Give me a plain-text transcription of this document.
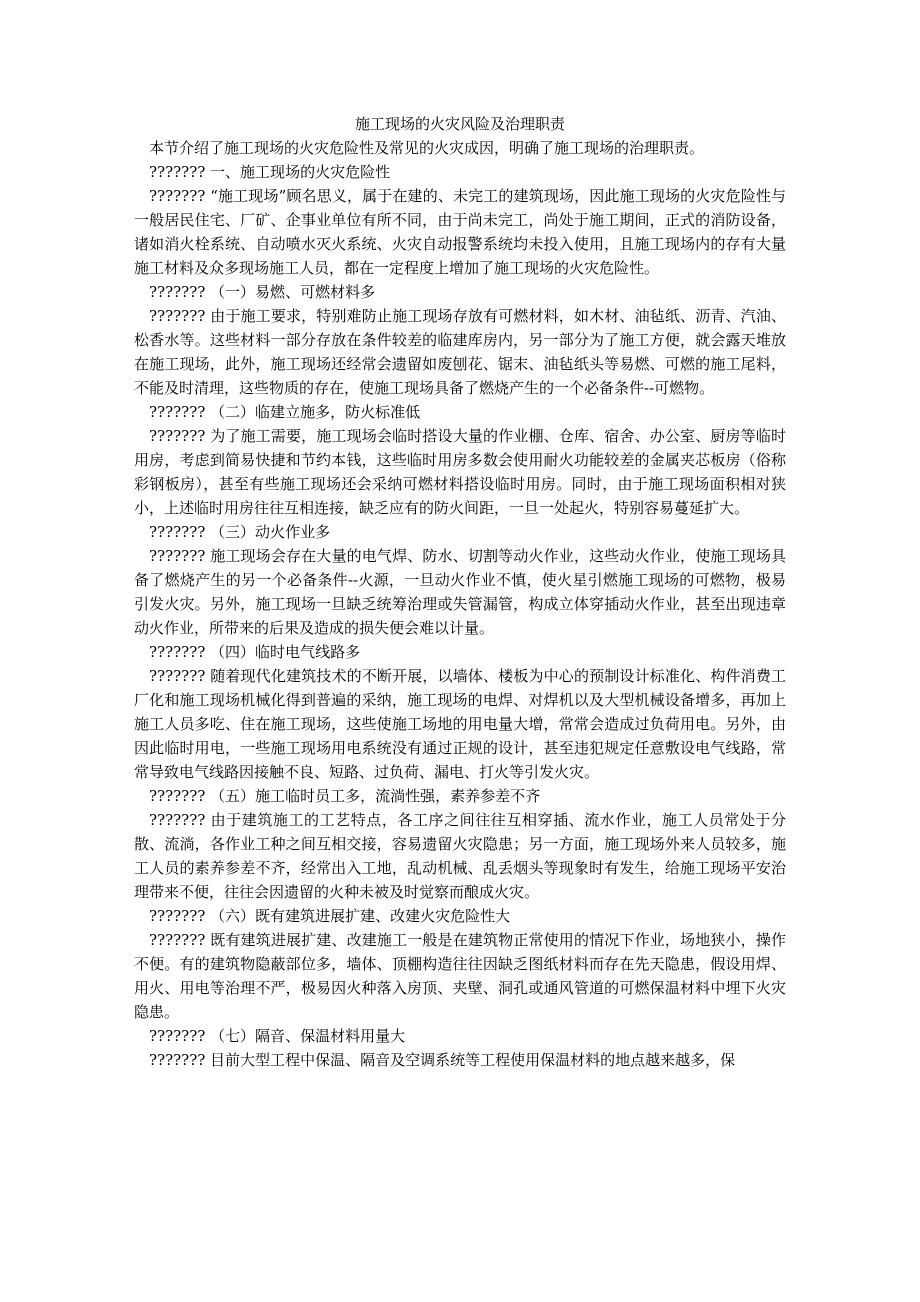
施工现场的火灾风险及治理职责

本节介绍了施工现场的火灾危险性及常见的火灾成因，明确了施工现场的治理职责。

??????? 一、施工现场的火灾危险性

??????? “施工现场”顾名思义，属于在建的、未完工的建筑现场，因此施工现场的火灾危险性与一般居民住宅、厂矿、企事业单位有所不同，由于尚未完工，尚处于施工期间，正式的消防设备，诸如消火栓系统、自动喷水灭火系统、火灾自动报警系统均未投入使用，且施工现场内的存有大量施工材料及众多现场施工人员，都在一定程度上增加了施工现场的火灾危险性。

??????? （一）易燃、可燃材料多

??????? 由于施工要求，特别难防止施工现场存放有可燃材料，如木材、油毡纸、沥青、汽油、松香水等。这些材料一部分存放在条件较差的临建库房内，另一部分为了施工方便，就会露天堆放在施工现场，此外，施工现场还经常会遗留如废刨花、锯末、油毡纸头等易燃、可燃的施工尾料，不能及时清理，这些物质的存在，使施工现场具备了燃烧产生的一个必备条件--可燃物。

??????? （二）临建立施多，防火标准低

??????? 为了施工需要，施工现场会临时搭设大量的作业棚、仓库、宿舍、办公室、厨房等临时用房，考虑到简易快捷和节约本钱，这些临时用房多数会使用耐火功能较差的金属夹芯板房（俗称彩钢板房），甚至有些施工现场还会采纳可燃材料搭设临时用房。同时，由于施工现场面积相对狭小，上述临时用房往往互相连接，缺乏应有的防火间距，一旦一处起火，特别容易蔓延扩大。

??????? （三）动火作业多

??????? 施工现场会存在大量的电气焊、防水、切割等动火作业，这些动火作业，使施工现场具备了燃烧产生的另一个必备条件--火源，一旦动火作业不慎，使火星引燃施工现场的可燃物，极易引发火灾。另外，施工现场一旦缺乏统筹治理或失管漏管，构成立体穿插动火作业，甚至出现违章动火作业，所带来的后果及造成的损失便会难以计量。

??????? （四）临时电气线路多

??????? 随着现代化建筑技术的不断开展，以墙体、楼板为中心的预制设计标准化、构件消费工厂化和施工现场机械化得到普遍的采纳，施工现场的电焊、对焊机以及大型机械设备增多，再加上施工人员多吃、住在施工现场，这些使施工场地的用电量大增，常常会造成过负荷用电。另外，由因此临时用电，一些施工现场用电系统没有通过正规的设计，甚至违犯规定任意敷设电气线路，常常导致电气线路因接触不良、短路、过负荷、漏电、打火等引发火灾。

??????? （五）施工临时员工多，流淌性强，素养参差不齐

??????? 由于建筑施工的工艺特点，各工序之间往往互相穿插、流水作业，施工人员常处于分散、流淌，各作业工种之间互相交接，容易遗留火灾隐患；另一方面，施工现场外来人员较多，施工人员的素养参差不齐，经常出入工地，乱动机械、乱丢烟头等现象时有发生，给施工现场平安治理带来不便，往往会因遗留的火种未被及时觉察而酿成火灾。

??????? （六）既有建筑进展扩建、改建火灾危险性大

??????? 既有建筑进展扩建、改建施工一般是在建筑物正常使用的情况下作业，场地狭小，操作不便。有的建筑物隐蔽部位多，墙体、顶棚构造往往因缺乏图纸材料而存在先天隐患，假设用焊、用火、用电等治理不严，极易因火种落入房顶、夹壁、洞孔或通风管道的可燃保温材料中埋下火灾隐患。

??????? （七）隔音、保温材料用量大

??????? 目前大型工程中保温、隔音及空调系统等工程使用保温材料的地点越来越多，保
